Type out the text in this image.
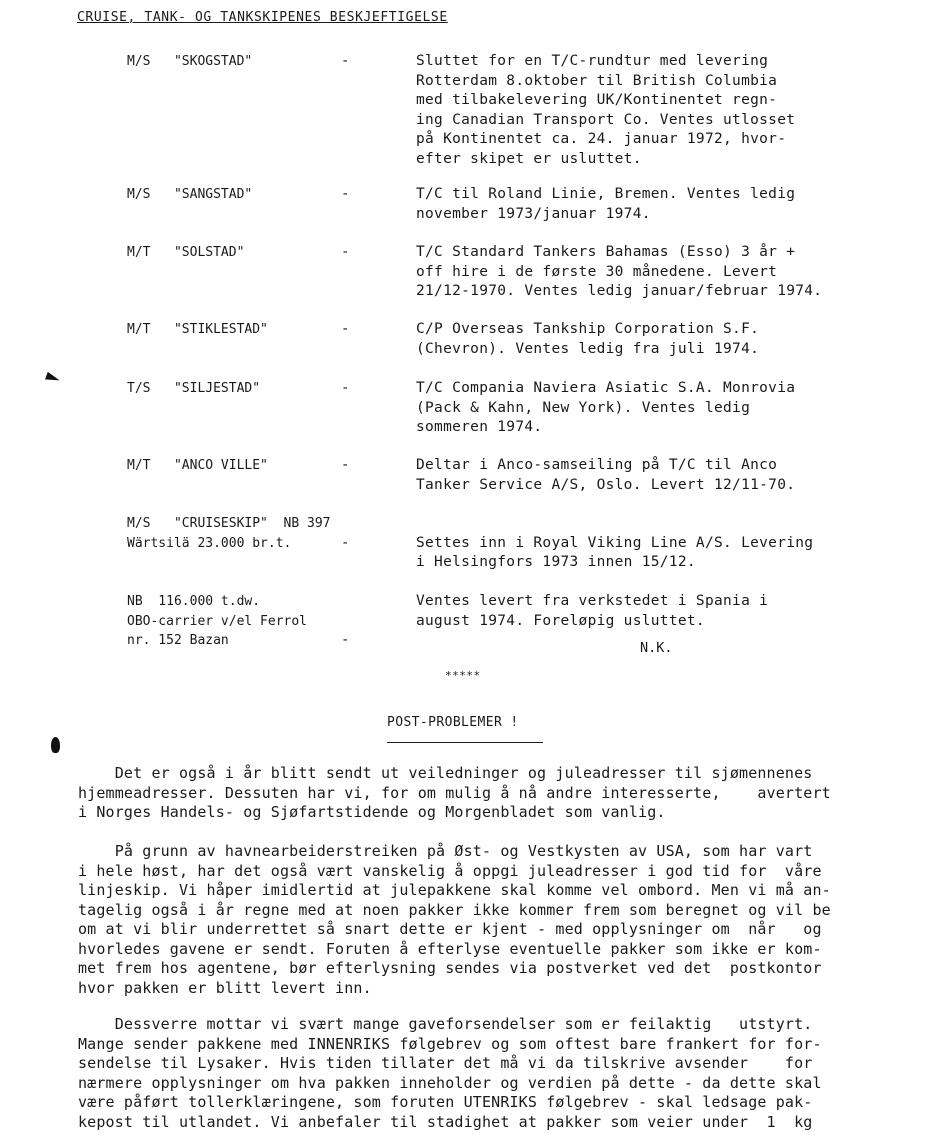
CRUISE, TANK- OG TANKSKIPENES BESKJEFTIGELSE
M/S   "SKOGSTAD"	-	Sluttet for en T/C-rundtur med levering
Rotterdam 8.oktober til British Columbia
med tilbakelevering UK/Kontinentet regn-
ing Canadian Transport Co. Ventes utlosset
på Kontinentet ca. 24. januar 1972, hvor-
efter skipet er usluttet.
M/S   "SANGSTAD"	-	T/C til Roland Linie, Bremen. Ventes ledig
november 1973/januar 1974.
M/T   "SOLSTAD"	-	T/C Standard Tankers Bahamas (Esso) 3 år +
off hire i de første 30 månedene. Levert
21/12-1970. Ventes ledig januar/februar 1974.
M/T   "STIKLESTAD"	-	C/P Overseas Tankship Corporation S.F.
(Chevron). Ventes ledig fra juli 1974.
T/S   "SILJESTAD"	-	T/C Compania Naviera Asiatic S.A. Monrovia
(Pack & Kahn, New York). Ventes ledig
sommeren 1974.
M/T   "ANCO VILLE"	-	Deltar i Anco-samseiling på T/C til Anco
Tanker Service A/S, Oslo. Levert 12/11-70.
M/S   "CRUISESKIP"  NB 397
Wärtsilä 23.000 br.t.	-	Settes inn i Royal Viking Line A/S. Levering
i Helsingfors 1973 innen 15/12.
NB  116.000 t.dw.
OBO-carrier v/el Ferrol
nr. 152 Bazan	-
Ventes levert fra verkstedet i Spania i
august 1974. Foreløpig usluttet.
N.K.
*****
POST-PROBLEMER !
Det er også i år blitt sendt ut veiledninger og juleadresser til sjømennenes
hjemmeadresser. Dessuten har vi, for om mulig å nå andre interesserte,    avertert
i Norges Handels- og Sjøfartstidende og Morgenbladet som vanlig.
På grunn av havnearbeiderstreiken på Øst- og Vestkysten av USA, som har vart
i hele høst, har det også vært vanskelig å oppgi juleadresser i god tid for  våre
linjeskip. Vi håper imidlertid at julepakkene skal komme vel ombord. Men vi må an-
tagelig også i år regne med at noen pakker ikke kommer frem som beregnet og vil be
om at vi blir underrettet så snart dette er kjent - med opplysninger om  når   og
hvorledes gavene er sendt. Foruten å efterlyse eventuelle pakker som ikke er kom-
met frem hos agentene, bør efterlysning sendes via postverket ved det  postkontor
hvor pakken er blitt levert inn.
Dessverre mottar vi svært mange gaveforsendelser som er feilaktig   utstyrt.
Mange sender pakkene med INNENRIKS følgebrev og som oftest bare frankert for for-
sendelse til Lysaker. Hvis tiden tillater det må vi da tilskrive avsender    for
nærmere opplysninger om hva pakken inneholder og verdien på dette - da dette skal
være påført tollerklæringene, som foruten UTENRIKS følgebrev - skal ledsage pak-
kepost til utlandet. Vi anbefaler til stadighet at pakker som veier under  1  kg
